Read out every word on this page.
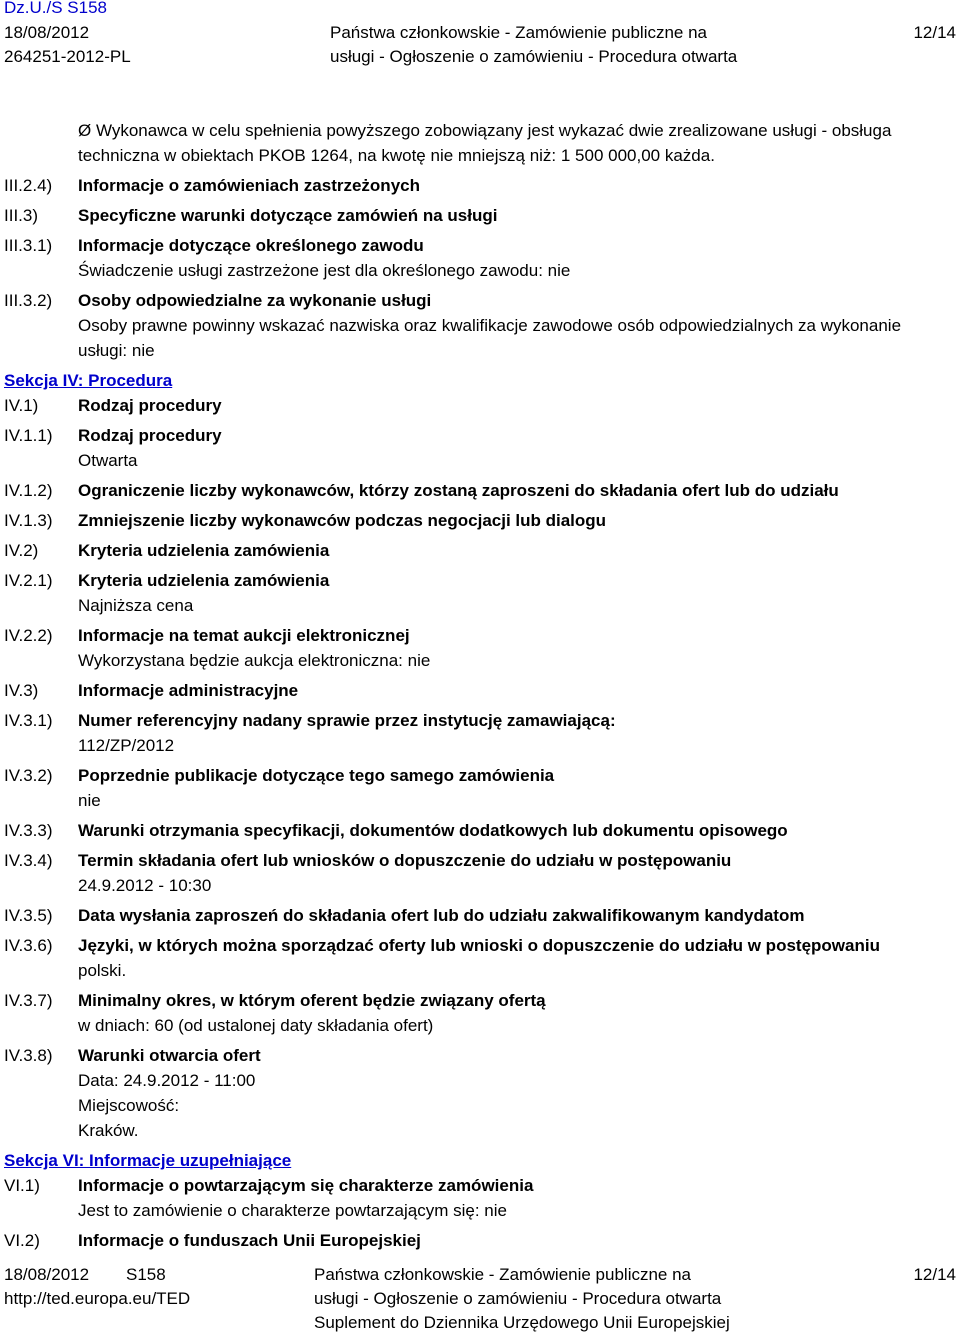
Dz.U./S S158
18/08/2012	Państwa członkowskie - Zamówienie publiczne na	12/14
264251-2012-PL	usługi - Ogłoszenie o zamówieniu - Procedura otwarta
Ø Wykonawca w celu spełnienia powyższego zobowiązany jest wykazać dwie zrealizowane usługi - obsługa
techniczna w obiektach PKOB 1264, na kwotę nie mniejszą niż: 1 500 000,00 każda.
III.2.4)	Informacje o zamówieniach zastrzeżonych
III.3)	Specyficzne warunki dotyczące zamówień na usługi
III.3.1)	Informacje dotyczące określonego zawodu
Świadczenie usługi zastrzeżone jest dla określonego zawodu: nie
III.3.2)	Osoby odpowiedzialne za wykonanie usługi
Osoby prawne powinny wskazać nazwiska oraz kwalifikacje zawodowe osób odpowiedzialnych za wykonanie usługi: nie
Sekcja IV: Procedura
IV.1)	Rodzaj procedury
IV.1.1)	Rodzaj procedury
Otwarta
IV.1.2)	Ograniczenie liczby wykonawców, którzy zostaną zaproszeni do składania ofert lub do udziału
IV.1.3)	Zmniejszenie liczby wykonawców podczas negocjacji lub dialogu
IV.2)	Kryteria udzielenia zamówienia
IV.2.1)	Kryteria udzielenia zamówienia
Najniższa cena
IV.2.2)	Informacje na temat aukcji elektronicznej
Wykorzystana będzie aukcja elektroniczna: nie
IV.3)	Informacje administracyjne
IV.3.1)	Numer referencyjny nadany sprawie przez instytucję zamawiającą:
112/ZP/2012
IV.3.2)	Poprzednie publikacje dotyczące tego samego zamówienia
nie
IV.3.3)	Warunki otrzymania specyfikacji, dokumentów dodatkowych lub dokumentu opisowego
IV.3.4)	Termin składania ofert lub wniosków o dopuszczenie do udziału w postępowaniu
24.9.2012 - 10:30
IV.3.5)	Data wysłania zaproszeń do składania ofert lub do udziału zakwalifikowanym kandydatom
IV.3.6)	Języki, w których można sporządzać oferty lub wnioski o dopuszczenie do udziału w postępowaniu
polski.
IV.3.7)	Minimalny okres, w którym oferent będzie związany ofertą
w dniach: 60 (od ustalonej daty składania ofert)
IV.3.8)	Warunki otwarcia ofert
Data: 24.9.2012 - 11:00
Miejscowość:
Kraków.
Sekcja VI: Informacje uzupełniające
VI.1)	Informacje o powtarzającym się charakterze zamówienia
Jest to zamówienie o charakterze powtarzającym się: nie
VI.2)	Informacje o funduszach Unii Europejskiej
18/08/2012 S158	Państwa członkowskie - Zamówienie publiczne na	12/14
http://ted.europa.eu/TED	usługi - Ogłoszenie o zamówieniu - Procedura otwarta
Suplement do Dziennika Urzędowego Unii Europejskiej
